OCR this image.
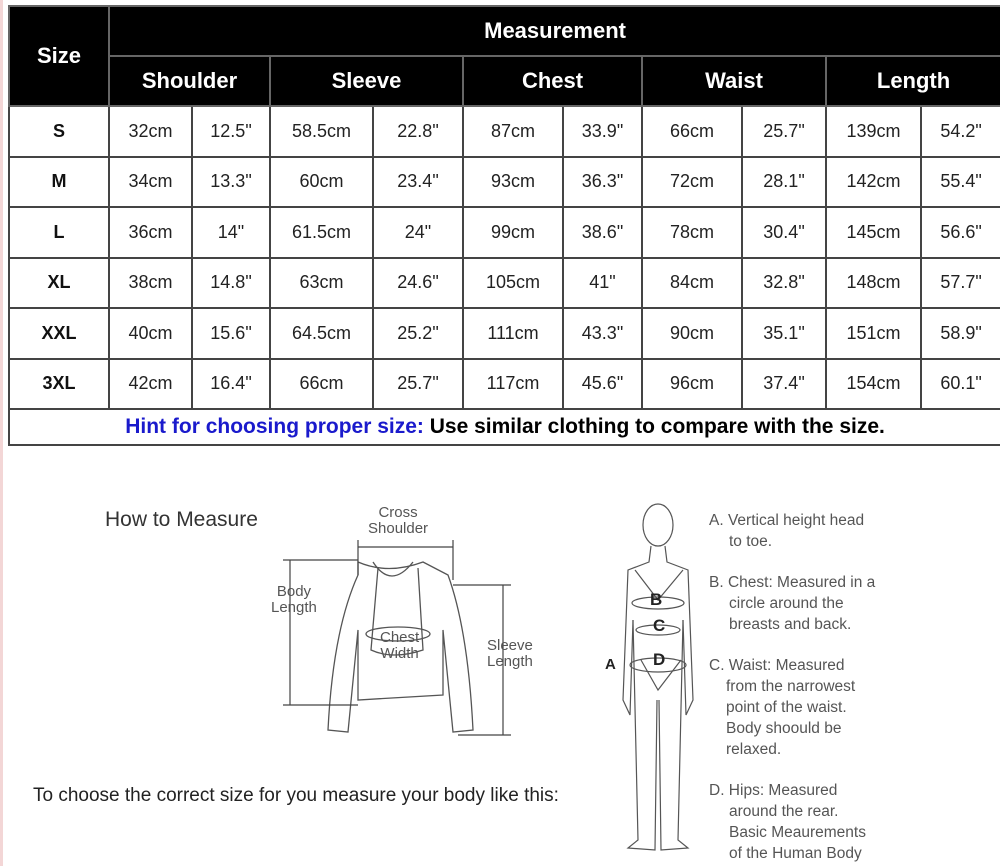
Size	Measurement									
	Shoulder		Sleeve		Chest		Waist		Length	
S	32cm	12.5"	58.5cm	22.8"	87cm	33.9"	66cm	25.7"	139cm	54.2"
M	34cm	13.3"	60cm	23.4"	93cm	36.3"	72cm	28.1"	142cm	55.4"
L	36cm	14"	61.5cm	24"	99cm	38.6"	78cm	30.4"	145cm	56.6"
XL	38cm	14.8"	63cm	24.6"	105cm	41"	84cm	32.8"	148cm	57.7"
XXL	40cm	15.6"	64.5cm	25.2"	111cm	43.3"	90cm	35.1"	151cm	58.9"
3XL	42cm	16.4"	66cm	25.7"	117cm	45.6"	96cm	37.4"	154cm	60.1"
Hint for choosing proper size: Use similar clothing to compare with the size.										
How to Measure	Cross
Shoulder
Body
Length
Chest
Width	Sleeve
Length
To choose the correct size for you measure your body like this:
B
C
D
A
A. Vertical height head
to toe.
B. Chest: Measured in a
circle around the
breasts and back.
C. Waist: Measured
from the narrowest
point of the waist.
Body shoould be
relaxed.
D. Hips: Measured
around the rear.
Basic Meaurements
of the Human Body
